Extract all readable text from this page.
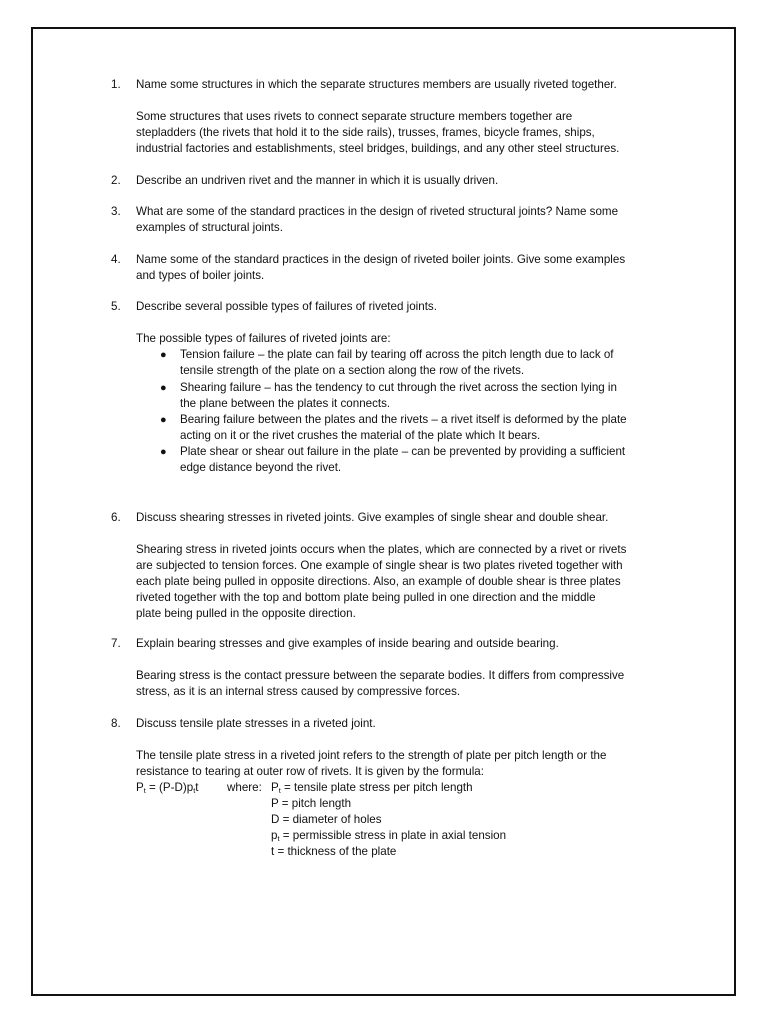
1. Name some structures in which the separate structures members are usually riveted together.
Some structures that uses rivets to connect separate structure members together are
stepladders (the rivets that hold it to the side rails), trusses, frames, bicycle frames, ships,
industrial factories and establishments, steel bridges, buildings, and any other steel structures.
2. Describe an undriven rivet and the manner in which it is usually driven.
3. What are some of the standard practices in the design of riveted structural joints? Name some
examples of structural joints.
4. Name some of the standard practices in the design of riveted boiler joints. Give some examples
and types of boiler joints.
5. Describe several possible types of failures of riveted joints.
The possible types of failures of riveted joints are:
● Tension failure – the plate can fail by tearing off across the pitch length due to lack of
tensile strength of the plate on a section along the row of the rivets.
● Shearing failure – has the tendency to cut through the rivet across the section lying in
the plane between the plates it connects.
● Bearing failure between the plates and the rivets – a rivet itself is deformed by the plate
acting on it or the rivet crushes the material of the plate which It bears.
● Plate shear or shear out failure in the plate – can be prevented by providing a sufficient
edge distance beyond the rivet.
6. Discuss shearing stresses in riveted joints. Give examples of single shear and double shear.
Shearing stress in riveted joints occurs when the plates, which are connected by a rivet or rivets
are subjected to tension forces. One example of single shear is two plates riveted together with
each plate being pulled in opposite directions. Also, an example of double shear is three plates
riveted together with the top and bottom plate being pulled in one direction and the middle
plate being pulled in the opposite direction.
7. Explain bearing stresses and give examples of inside bearing and outside bearing.
Bearing stress is the contact pressure between the separate bodies. It differs from compressive
stress, as it is an internal stress caused by compressive forces.
8. Discuss tensile plate stresses in a riveted joint.
The tensile plate stress in a riveted joint refers to the strength of plate per pitch length or the
resistance to tearing at outer row of rivets. It is given by the formula:
$P_t = (P-D)p_tt$ where: $P_t$ = tensile plate stress per pitch length
P = pitch length
D = diameter of holes
$p_t$ = permissible stress in plate in axial tension
t = thickness of the plate
